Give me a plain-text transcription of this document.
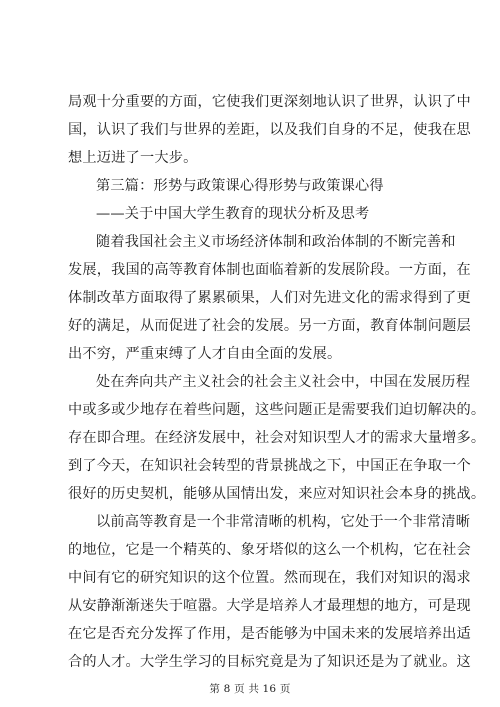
局观十分重要的方面，它使我们更深刻地认识了世界，认识了中
国，认识了我们与世界的差距，以及我们自身的不足，使我在思
想上迈进了一大步。
第三篇：形势与政策课心得形势与政策课心得
——关于中国大学生教育的现状分析及思考
随着我国社会主义市场经济体制和政治体制的不断完善和
发展，我国的高等教育体制也面临着新的发展阶段。一方面，在
体制改革方面取得了累累硕果，人们对先进文化的需求得到了更
好的满足，从而促进了社会的发展。另一方面，教育体制问题层
出不穷，严重束缚了人才自由全面的发展。
处在奔向共产主义社会的社会主义社会中，中国在发展历程
中或多或少地存在着些问题，这些问题正是需要我们迫切解决的。
存在即合理。在经济发展中，社会对知识型人才的需求大量增多。
到了今天，在知识社会转型的背景挑战之下，中国正在争取一个
很好的历史契机，能够从国情出发，来应对知识社会本身的挑战。
以前高等教育是一个非常清晰的机构，它处于一个非常清晰
的地位，它是一个精英的、象牙塔似的这么一个机构，它在社会
中间有它的研究知识的这个位置。然而现在，我们对知识的渴求
从安静渐渐迷失于喧嚣。大学是培养人才最理想的地方，可是现
在它是否充分发挥了作用，是否能够为中国未来的发展培养出适
合的人才。大学生学习的目标究竟是为了知识还是为了就业。这
第 8 页 共 16 页
